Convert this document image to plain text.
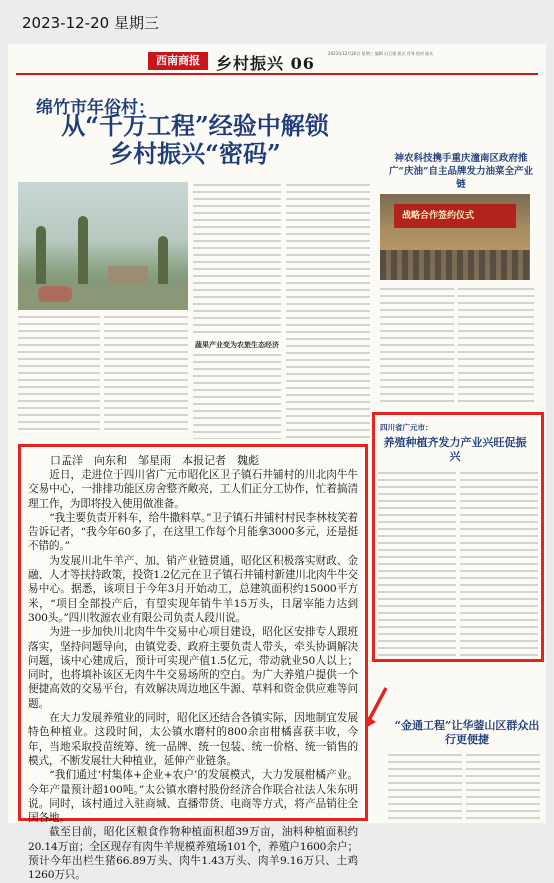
2023-12-20 星期三
西南商报	乡村振兴 06
2023年12月20日 星期三 编辑 冯卫强 版式 肖琴 校对 陈凡
绵竹市年俗村：
从“千万工程”经验中解锁乡村振兴“密码”
蔬果产业变为农旅生态经济
神农科技携手重庆潼南区政府推广“庆油”自主品牌发力油菜全产业链
战略合作签约仪式
四川省广元市：
养殖种植齐发力产业兴旺促振兴
“金通工程”让华蓥山区群众出行更便捷
口孟洋　向东和　邹星雨　本报记者　魏彪

近日，走进位于四川省广元市昭化区卫子镇石井铺村的川北肉牛牛交易中心，一排排功能区房舍整齐敞亮，工人们正分工协作，忙着搞清理工作，为即将投入使用做准备。

“我主要负责开料车，给牛撒料草。”卫子镇石井铺村村民李林枝笑着告诉记者，“我今年60多了，在这里工作每个月能拿3000多元，还是挺不错的。”

为发展川北牛羊产、加、销产业链贯通，昭化区积极落实财政、金融、人才等扶持政策，投资1.2亿元在卫子镇石井铺村新建川北肉牛牛交易中心。据悉，该项目于今年3月开始动工，总建筑面积约15000平方米，“项目全部投产后，有望实现年销牛羊15万头，日屠宰能力达到300头。”四川牧源农业有限公司负责人段川说。

为进一步加快川北肉牛牛交易中心项目建设，昭化区安排专人跟班落实，坚持问题导向，由镇党委、政府主要负责人带头，牵头协调解决问题，该中心建成后，预计可实现产值1.5亿元，带动就业50人以上；同时，也将填补该区无肉牛牛交易场所的空白。为广大养殖户提供一个便捷高效的交易平台，有效解决周边地区牛源、草料和资金供应难等问题。

在大力发展养殖业的同时，昭化区还结合各镇实际，因地制宜发展特色种植业。这段时间，太公镇水磨村的800余亩柑橘喜获丰收，今年，当地采取投苗统筹、统一品牌、统一包装、统一价格、统一销售的模式，不断发展壮大种植业，延伸产业链条。

“我们通过‘村集体+企业+农户’的发展模式，大力发展柑橘产业。今年产量预计超100吨。”太公镇水磨村股份经济合作联合社法人朱东明说。同时，该村通过入驻商城、直播带货、电商等方式，将产品销往全国各地。

截至目前，昭化区粮食作物种植面积超39万亩，油料种植面积约20.14万亩；全区现存有肉牛羊规模养殖场101个，养殖户1600余户；预计今年出栏生猪66.89万头、肉牛1.43万头、肉羊9.16万只、土鸡1260万只。
